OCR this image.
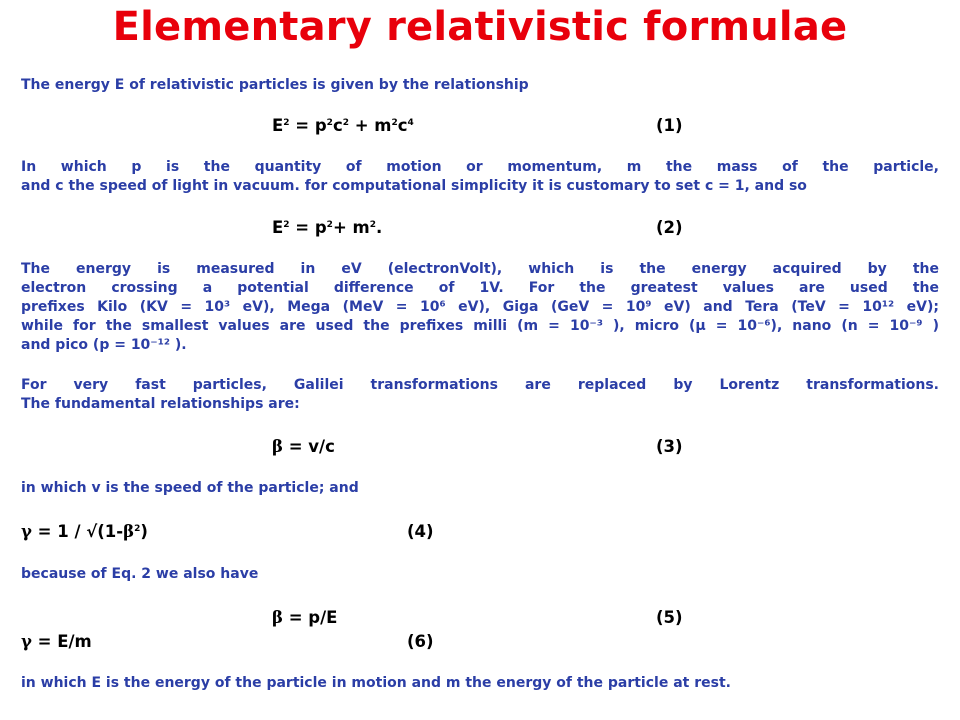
Elementary relativistic formulae
The energy E of relativistic particles is given by the relationship
$E^2 = p^2c^2 + m^2c^4$	(1)
In which p is the quantity of motion or momentum, m the mass of the particle,
and c the speed of light in vacuum. for computational simplicity it is customary to set c = 1, and so
$E^2 = p^2+ m^2$.	(2)
The energy is measured in eV (electronVolt), which is the energy acquired by the
electron crossing a potential difference of 1V. For the greatest values are used the
prefixes Kilo (KV = 10³ eV), Mega (MeV = 10⁶ eV), Giga (GeV = 10⁹ eV) and Tera (TeV = 10¹² eV);
while for the smallest values are used the prefixes milli (m = 10⁻³ ), micro (μ = 10⁻⁶), nano (n = 10⁻⁹ )
and pico (p = 10⁻¹² ).
For very fast particles, Galilei transformations are replaced by Lorentz transformations.
The fundamental relationships are:
β = v/c	(3)
in which v is the speed of the particle; and
$\gamma = 1 / √(1-\beta^2)$	(4)
because of Eq. 2 we also have
β = p/E	(5)
γ = E/m	(6)
in which E is the energy of the particle in motion and m the energy of the particle at rest.
